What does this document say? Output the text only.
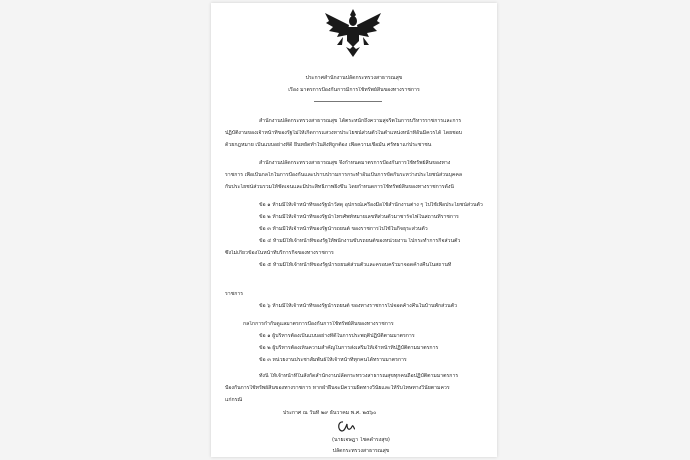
ประกาศสำนักงานปลัดกระทรวงสาธารณสุข
เรื่อง มาตรการป้องกันการมีการใช้ทรัพย์สินของทางราชการ
สำนักงานปลัดกระทรวงสาธารณสุข ได้ตระหนักถึงความสุจริตในการบริหารราชการและการ
ปฏิบัติงานของเจ้าหน้าที่ของรัฐไม่ให้เกิดการแสวงหาประโยชน์ส่วนตัวในตำแหน่งหน้าที่อันมิควรได้ โดยชอบ
ด้วยกฎหมาย เป็นแบบอย่างที่ดี ยืนหยัดทำในสิ่งที่ถูกต้อง เพื่อความเชื่อมั่น ศรัทธาแก่ประชาชน
สำนักงานปลัดกระทรวงสาธารณสุข จึงกำหนดมาตรการป้องกันการใช้ทรัพย์สินของทาง
ราชการ เพื่อเป็นกลไกในการป้องกันและปราบปรามการกระทำอันเป็นการขัดกันระหว่างประโยชน์ส่วนบุคคล
กับประโยชน์ส่วนรวมให้ชัดเจนและมีประสิทธิภาพยิ่งขึ้น โดยกำหนดการใช้ทรัพย์สินของทางราชการดังนี้
ข้อ ๑ ห้ามมิให้เจ้าหน้าที่ของรัฐนำวัสดุ อุปกรณ์เครื่องมือใช้สำนักงานต่าง ๆ ไปใช้เพื่อประโยชน์ส่วนตัว
ข้อ ๒ ห้ามมิให้เจ้าหน้าที่ของรัฐนำโทรศัพท์หมายเลขที่ส่วนตัวมาชาร์จไฟในสถานที่ราชการ
ข้อ ๓ ห้ามมิให้เจ้าหน้าที่ของรัฐนำรถยนต์ ของราชการไปใช้ในกิจธุระส่วนตัว
ข้อ ๔ ห้ามมิให้เจ้าหน้าที่ของรัฐให้พนักงานขับรถยนต์ของหน่วยงาน ไปกระทำการกิจส่วนตัว
ซึ่งไม่เกี่ยวข้องในหน้าที่บริการกิจของทางราชการ
ข้อ ๕ ห้ามมิให้เจ้าหน้าที่ของรัฐนำรถยนต์ส่วนตัวและครอบครัวมาจอดค้างคืนในสถานที่
ราชการ
ข้อ ๖ ห้ามมิให้เจ้าหน้าที่ของรัฐนำรถยนต์ ของทางราชการไปจอดค้างคืนในบ้านพักส่วนตัว
กลไกการกำกับดูแลมาตรการป้องกันการใช้ทรัพย์สินของทางราชการ
ข้อ ๑ ผู้บริหารต้องเป็นแบบอย่างที่ดีในการประพฤติปฏิบัติตามมาตรการ
ข้อ ๒ ผู้บริหารต้องเห็นความสำคัญในการส่งเสริมให้เจ้าหน้าที่ปฏิบัติตามมาตรการ
ข้อ ๓ หน่วยงานประชาสัมพันธ์ให้เจ้าหน้าที่ทุกคนได้ทราบมาตรการ
ทั้งนี้ ให้เจ้าหน้าที่ในสังกัดสำนักงานปลัดกระทรวงสาธารณสุขทุกคนถือปฏิบัติตามมาตรการ
ป้องกันการใช้ทรัพย์สินของทางราชการ หากฝ่าฝืนจะมีความผิดทางวินัยและให้รับโทษทางวินัยตามควร
แก่กรณี
ประกาศ ณ วันที่ ๒๙ ธันวาคม พ.ศ. ๒๕๖๐
(นายเจษฎา โชคดำรงสุข)
ปลัดกระทรวงสาธารณสุข
